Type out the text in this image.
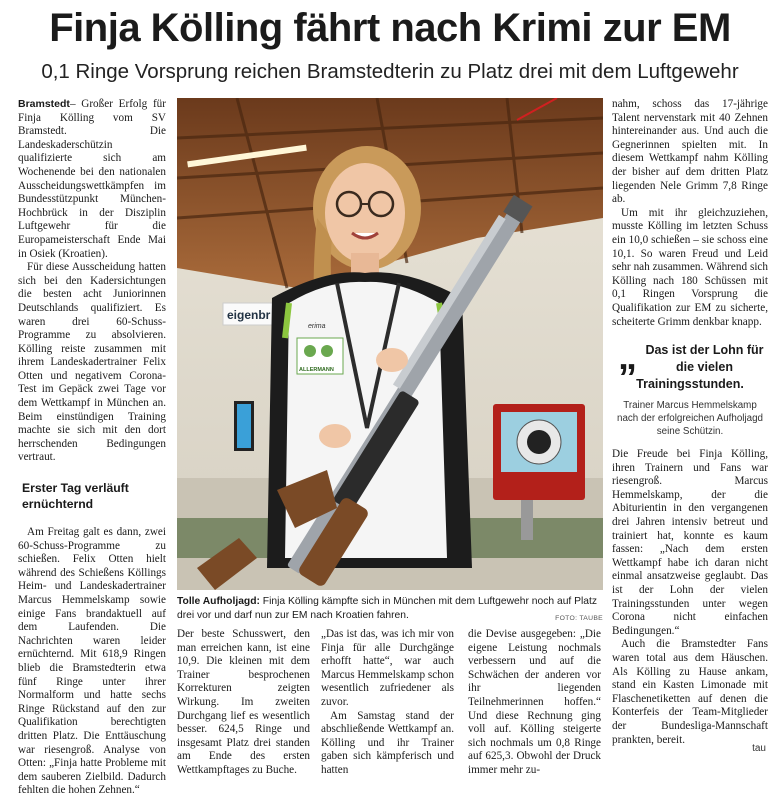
Finja Kölling fährt nach Krimi zur EM
0,1 Ringe Vorsprung reichen Bramstedterin zu Platz drei mit dem Luftgewehr

Bramstedt– Großer Erfolg für Finja Kölling vom SV Bramstedt. Die Landeskaderschützin qualifizierte sich am Wochenende bei den nationalen Ausscheidungswettkämpfen im Bundesstützpunkt München-Hochbrück in der Disziplin Luftgewehr für die Europameisterschaft Ende Mai in Osiek (Kroatien).

Für diese Ausscheidung hatten sich bei den Kadersichtungen die besten acht Juniorinnen Deutschlands qualifiziert. Es waren drei 60-Schuss-Programme zu absolvieren. Kölling reiste zusammen mit ihrem Landeskadertrainer Felix Otten und negativem Corona-Test im Gepäck zwei Tage vor dem Wettkampf in München an. Beim einstündigen Training machte sie sich mit den dort herrschenden Bedingungen vertraut.

Erster Tag verläuft ernüchternd

Am Freitag galt es dann, zwei 60-Schuss-Programme zu schießen. Felix Otten hielt während des Schießens Köllings Heim- und Landeskadertrainer Marcus Hemmelskamp sowie einige Fans brandaktuell auf dem Laufenden. Die Nachrichten waren leider ernüchternd. Mit 618,9 Ringen blieb die Bramstedterin etwa fünf Ringe unter ihrer Normalform und hatte sechs Ringe Rückstand auf den zur Qualifikation berechtigten dritten Platz. Die Enttäuschung war riesengroß. Analyse von Otten: „Finja hatte Probleme mit dem sauberen Zielbild. Dadurch fehlten die hohen Zehnen.“

eigenbr
erima
ALLERMANN
Tolle Aufholjagd: Finja Kölling kämpfte sich in München mit dem Luftgewehr noch auf Platz drei vor und darf nun zur EM nach Kroatien fahren.	FOTO: TAUBE

Der beste Schusswert, den man erreichen kann, ist eine 10,9. Die kleinen mit dem Trainer besprochenen Korrekturen zeigten Wirkung. Im zweiten Durchgang lief es wesentlich besser. 624,5 Ringe und insgesamt Platz drei standen am Ende des ersten Wettkampftages zu Buche.

„Das ist das, was ich mir von Finja für alle Durchgänge erhofft hatte“, war auch Marcus Hemmelskamp schon wesentlich zufriedener als zuvor.

Am Samstag stand der abschließende Wettkampf an. Kölling und ihr Trainer gaben sich kämpferisch und hatten

die Devise ausgegeben: „Die eigene Leistung nochmals verbessern und auf die Schwächen der anderen vor ihr liegenden Teilnehmerinnen hoffen.“ Und diese Rechnung ging voll auf. Kölling steigerte sich nochmals um 0,8 Ringe auf 625,3. Obwohl der Druck immer mehr zu-

nahm, schoss das 17-jährige Talent nervenstark mit 40 Zehnen hintereinander aus. Und auch die Gegnerinnen spielten mit. In diesem Wettkampf nahm Kölling der bisher auf dem dritten Platz liegenden Nele Grimm 7,8 Ringe ab.

Um mit ihr gleichzuziehen, musste Kölling im letzten Schuss ein 10,0 schießen – sie schoss eine 10,1. So waren Freud und Leid sehr nah zusammen. Während sich Kölling nach 180 Schüssen mit 0,1 Ringen Vorsprung die Qualifikation zur EM zu sicherte, scheiterte Grimm denkbar knapp.

„ Das ist der Lohn für die vielen Trainingsstunden.
Trainer Marcus Hemmelskamp nach der erfolgreichen Aufholjagd seine Schützin.

Die Freude bei Finja Kölling, ihren Trainern und Fans war riesengroß. Marcus Hemmelskamp, der die Abiturientin in den vergangenen drei Jahren intensiv betreut und trainiert hat, konnte es kaum fassen: „Nach dem ersten Wettkampf habe ich daran nicht einmal ansatzweise geglaubt. Das ist der Lohn der vielen Trainingsstunden unter wegen Corona nicht einfachen Bedingungen.“

Auch die Bramstedter Fans waren total aus dem Häuschen. Als Kölling zu Hause ankam, stand ein Kasten Limonade mit Flaschenetiketten auf denen die Konterfeis der Team-Mitglieder der Bundesliga-Mannschaft prankten, bereit.

tau
